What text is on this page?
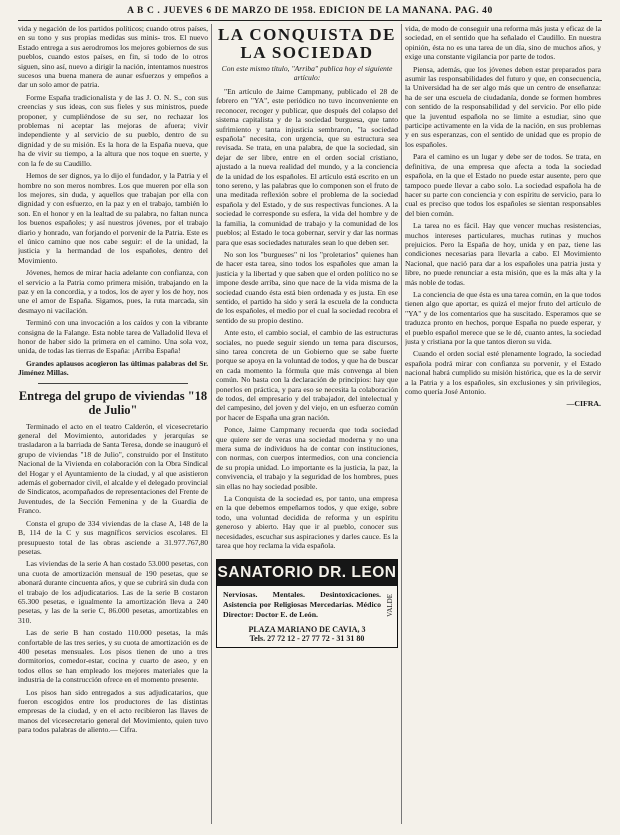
A B C . JUEVES 6 DE MARZO DE 1958. EDICION DE LA MAÑANA. PAG. 40

vida y negación de los partidos políticos; cuando otros países, en su tono y sus propias medidas sus minis- tros. El nuevo Estado entrega a sus aerodromos los mejores gobiernos de sus pueblos, cuando estos países, en fin, si todo de lo otros siguen, sino así, nuevo a dirigir la nación, intentamos nuestros sucesos una buena manera de aunar esfuerzos y empeños a dar un solo amor de patria.

Forme España tradicionalista y de las J. O. N. S., con sus creencias y sus ideas, con sus fieles y sus ministros, puede proponer, y cumpliéndose de su ser, no rechazar los problemas ni aceptar las mejoras de afuera; vivir independiente y al servicio de su pueblo, dentro de su dignidad y de su misión. Es la hora de la España nueva, que ha de vivir su tiempo, a la altura que nos toque en suerte, y con la fe de su Caudillo.

Hemos de ser dignos, ya lo dijo el fundador, y la Patria y el hombre no son meros nombres. Los que mueren por ella son los mejores, sin duda, y aquellos que trabajan por ella con dignidad y con esfuerzo, en la paz y en el trabajo, también lo son. En el honor y en la lealtad de su palabra, no faltan nunca los buenos españoles; y así nuestros jóvenes, por el trabajo diario y honrado, van forjando el porvenir de la Patria. Este es el único camino que nos cabe seguir: el de la unidad, la justicia y la hermandad de los españoles, dentro del Movimiento.

Jóvenes, hemos de mirar hacia adelante con confianza, con el servicio a la Patria como primera misión, trabajando en la paz y en la concordia, y a todos, los de ayer y los de hoy, nos une el amor de España. Sigamos, pues, la ruta marcada, sin desmayo ni vacilación.

Terminó con una invocación a los caídos y con la vibrante consigna de la Falange. Esta noble tarea de Valladolid lleva el honor de haber sido la primera en el camino. Una sola voz, unida, de todas las tierras de España: ¡Arriba España!

Grandes aplausos acogieron las últimas palabras del Sr. Jiménez Millas.

Entrega del grupo de viviendas "18 de Julio"

Terminado el acto en el teatro Calderón, el vicesecretario general del Movimiento, autoridades y jerarquías se trasladaron a la barriada de Santa Teresa, donde se inauguró el grupo de viviendas "18 de Julio", construido por el Instituto Nacional de la Vivienda en colaboración con la Obra Sindical del Hogar y el Ayuntamiento de la ciudad, y al que asistieron además el gobernador civil, el alcalde y el delegado provincial de Sindicatos, acompañados de representaciones del Frente de Juventudes, de la Sección Femenina y de la Guardia de Franco.

Consta el grupo de 334 viviendas de la clase A, 148 de la B, 114 de la C y sus magníficos servicios escolares. El presupuesto total de las obras asciende a 31.977.767,80 pesetas.

Las viviendas de la serie A han costado 53.000 pesetas, con una cuota de amortización mensual de 190 pesetas, que se abonará durante cincuenta años, y que se cubrirá sin duda con el trabajo de los adjudicatarios. Las de la serie B costaron 65.300 pesetas, e igualmente la amortización lleva a 240 pesetas, y las de la serie C, 86.000 pesetas, amortizables en 310.

Las de serie B han costado 110.000 pesetas, la más confortable de las tres series, y su cuota de amortización es de 400 pesetas mensuales. Los pisos tienen de uno a tres dormitorios, comedor-estar, cocina y cuarto de aseo, y en todos ellos se han empleado los mejores materiales que la industria de la construcción ofrece en el momento presente.

Los pisos han sido entregados a sus adjudicatarios, que fueron escogidos entre los productores de las distintas empresas de la ciudad, y en el acto recibieron las llaves de manos del vicesecretario general del Movimiento, quien tuvo para todos palabras de aliento.— Cifra.

LA CONQUISTA DE LA SOCIEDAD
Con este mismo título, "Arriba" publica hoy el siguiente artículo:

"En artículo de Jaime Campmany, publicado el 28 de febrero en "YA", este periódico no tuvo inconveniente en reconocer, recoger y publicar, que después del colapso del sistema capitalista y de la sociedad burguesa, que tanto sufrimiento y tanta injusticia sembraron, "la sociedad española" necesita, con urgencia, que su estructura sea revisada. Se trata, en una palabra, de que la sociedad, sin dejar de ser libre, entre en el orden social cristiano, ajustado a la nueva realidad del mundo, y a la conciencia de la unidad de los españoles. El artículo está escrito en un tono sereno, y las palabras que lo componen son el fruto de una meditada reflexión sobre el problema de la sociedad española y del Estado, y de sus respectivas funciones. A la sociedad le corresponde su esfera, la vida del hombre y de la familia, la comunidad de trabajo y la comunidad de los pueblos; al Estado le toca gobernar, servir y dar las normas para que esas sociedades naturales sean lo que deben ser.

No son los "burgueses" ni los "proletarios" quienes han de hacer esta tarea, sino todos los españoles que aman la justicia y la libertad y que saben que el orden político no se impone desde arriba, sino que nace de la vida misma de la sociedad cuando ésta está bien ordenada y es justa. En ese sentido, el partido ha sido y será la escuela de la conducta de los españoles, el medio por el cual la sociedad recobra el sentido de su propio destino.

Ante esto, el cambio social, el cambio de las estructuras sociales, no puede seguir siendo un tema para discursos, sino tarea concreta de un Gobierno que se sabe fuerte porque se apoya en la voluntad de todos, y que ha de buscar en cada momento la fórmula que más convenga al bien común. No basta con la declaración de principios: hay que ponerlos en práctica, y para eso se necesita la colaboración de todos, del empresario y del trabajador, del intelectual y del campesino, del joven y del viejo, en un esfuerzo común por hacer de España una gran nación.

Ponce, Jaime Campmany recuerda que toda sociedad que quiere ser de veras una sociedad moderna y no una mera suma de individuos ha de contar con instituciones, con normas, con cuerpos intermedios, con una conciencia de su propia unidad. Lo importante es la justicia, la paz, la convivencia, el trabajo y la seguridad de los hombres, pues sin ellas no hay sociedad posible.

La Conquista de la sociedad es, por tanto, una empresa en la que debemos empeñarnos todos, y que exige, sobre todo, una voluntad decidida de reforma y un espíritu generoso y abierto. Hay que ir al pueblo, conocer sus necesidades, escuchar sus aspiraciones y darles cauce. Es la tarea que hoy reclama la vida española.

SANATORIO DR. LEON
Nerviosas. Mentales. Desintoxicaciones. Asistencia por Religiosas Mercedarias. Médico Director: Doctor E. de León.
PLAZA MARIANO DE CAVIA, 3
Tels. 27 72 12 - 27 77 72 - 31 31 80
VALDE

vida, de modo de conseguir una reforma más justa y eficaz de la sociedad, en el sentido que ha señalado el Caudillo. En nuestra opinión, ésta no es una tarea de un día, sino de muchos años, y exige una constante vigilancia por parte de todos.

Piensa, además, que los jóvenes deben estar preparados para asumir las responsabilidades del futuro y que, en consecuencia, la Universidad ha de ser algo más que un centro de enseñanza: ha de ser una escuela de ciudadanía, donde se formen hombres con sentido de la responsabilidad y del servicio. Por ello pide que la juventud española no se limite a estudiar, sino que participe activamente en la vida de la nación, en sus problemas y en sus esperanzas, con el sentido de unidad que es propio de los españoles.

Para el camino es un lugar y debe ser de todos. Se trata, en definitiva, de una empresa que afecta a toda la sociedad española, en la que el Estado no puede estar ausente, pero que tampoco puede llevar a cabo solo. La sociedad española ha de hacer su parte con conciencia y con espíritu de servicio, para lo cual es preciso que todos los españoles se sientan responsables del bien común.

La tarea no es fácil. Hay que vencer muchas resistencias, muchos intereses particulares, muchas rutinas y muchos prejuicios. Pero la España de hoy, unida y en paz, tiene las condiciones necesarias para llevarla a cabo. El Movimiento Nacional, que nació para dar a los españoles una patria justa y libre, no puede renunciar a esta misión, que es la más alta y la más noble de todas.

La conciencia de que ésta es una tarea común, en la que todos tienen algo que aportar, es quizá el mejor fruto del artículo de "YA" y de los comentarios que ha suscitado. Esperamos que se traduzca pronto en hechos, porque España no puede esperar, y el pueblo español merece que se le dé, cuanto antes, la sociedad justa y cristiana por la que tantos dieron su vida.

Cuando el orden social esté plenamente logrado, la sociedad española podrá mirar con confianza su porvenir, y el Estado nacional habrá cumplido su misión histórica, que es la de servir a la Patria y a los españoles, sin exclusiones y sin privilegios, como quería José Antonio.

—CIFRA.
